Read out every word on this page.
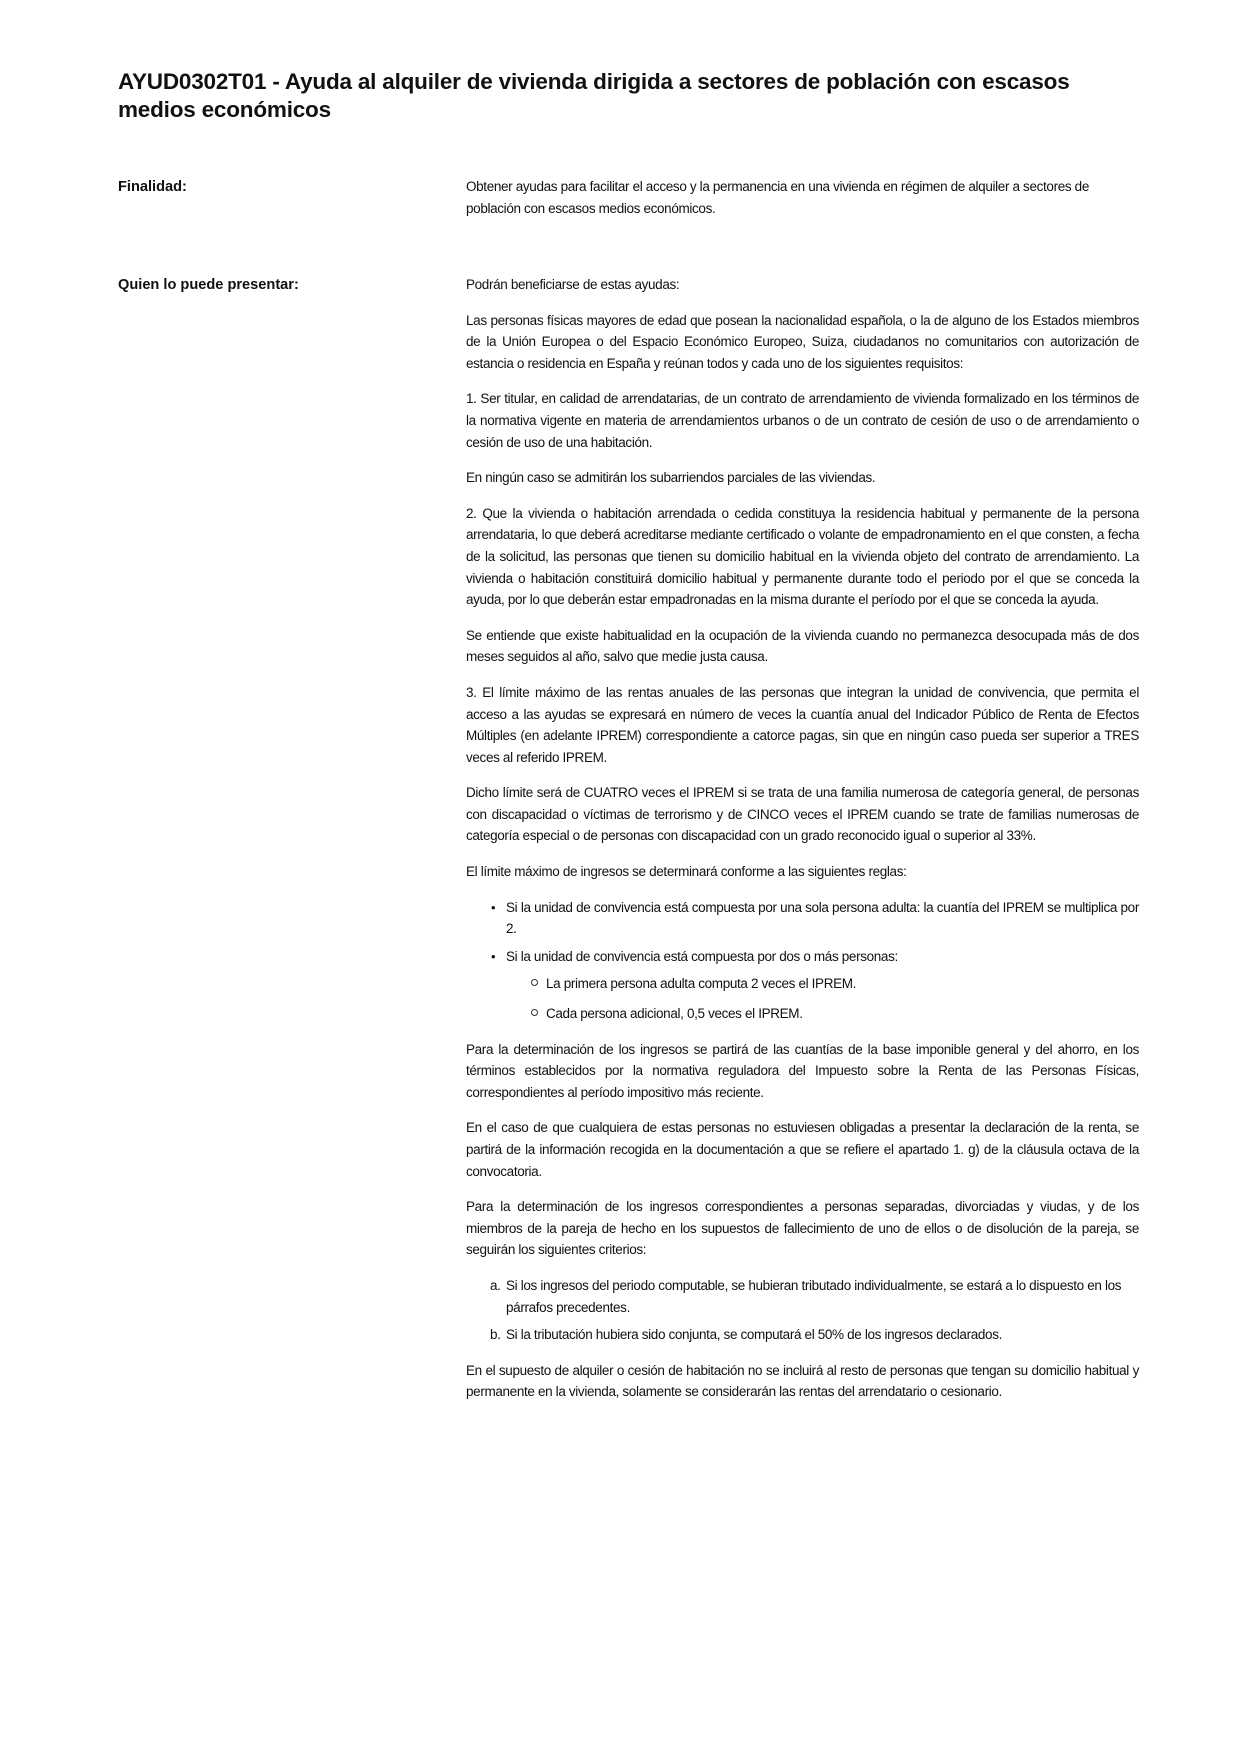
AYUD0302T01 - Ayuda al alquiler de vivienda dirigida a sectores de población con escasos medios económicos
Finalidad:	Obtener ayudas para facilitar el acceso y la permanencia en una vivienda en régimen de alquiler a sectores de población con escasos medios económicos.

Quien lo puede presentar:	Podrán beneficiarse de estas ayudas:

Las personas físicas mayores de edad que posean la nacionalidad española, o la de alguno de los Estados miembros de la Unión Europea o del Espacio Económico Europeo, Suiza, ciudadanos no comunitarios con autorización de estancia o residencia en España y reúnan todos y cada uno de los siguientes requisitos:

1. Ser titular, en calidad de arrendatarias, de un contrato de arrendamiento de vivienda formalizado en los términos de la normativa vigente en materia de arrendamientos urbanos o de un contrato de cesión de uso o de arrendamiento o cesión de uso de una habitación.

En ningún caso se admitirán los subarriendos parciales de las viviendas.

2. Que la vivienda o habitación arrendada o cedida constituya la residencia habitual y permanente de la persona arrendataria, lo que deberá acreditarse mediante certificado o volante de empadronamiento en el que consten, a fecha de la solicitud, las personas que tienen su domicilio habitual en la vivienda objeto del contrato de arrendamiento. La vivienda o habitación constituirá domicilio habitual y permanente durante todo el periodo por el que se conceda la ayuda, por lo que deberán estar empadronadas en la misma durante el período por el que se conceda la ayuda.

Se entiende que existe habitualidad en la ocupación de la vivienda cuando no permanezca desocupada más de dos meses seguidos al año, salvo que medie justa causa.

3. El límite máximo de las rentas anuales de las personas que integran la unidad de convivencia, que permita el acceso a las ayudas se expresará en número de veces la cuantía anual del Indicador Público de Renta de Efectos Múltiples (en adelante IPREM) correspondiente a catorce pagas, sin que en ningún caso pueda ser superior a TRES veces al referido IPREM.

Dicho límite será de CUATRO veces el IPREM si se trata de una familia numerosa de categoría general, de personas con discapacidad o víctimas de terrorismo y de CINCO veces el IPREM cuando se trate de familias numerosas de categoría especial o de personas con discapacidad con un grado reconocido igual o superior al 33%.

El límite máximo de ingresos se determinará conforme a las siguientes reglas:

• Si la unidad de convivencia está compuesta por una sola persona adulta: la cuantía del IPREM se multiplica por 2.
• Si la unidad de convivencia está compuesta por dos o más personas:
La primera persona adulta computa 2 veces el IPREM.
Cada persona adicional, 0,5 veces el IPREM.

Para la determinación de los ingresos se partirá de las cuantías de la base imponible general y del ahorro, en los términos establecidos por la normativa reguladora del Impuesto sobre la Renta de las Personas Físicas, correspondientes al período impositivo más reciente.

En el caso de que cualquiera de estas personas no estuviesen obligadas a presentar la declaración de la renta, se partirá de la información recogida en la documentación a que se refiere el apartado 1. g) de la cláusula octava de la convocatoria.

Para la determinación de los ingresos correspondientes a personas separadas, divorciadas y viudas, y de los miembros de la pareja de hecho en los supuestos de fallecimiento de uno de ellos o de disolución de la pareja, se seguirán los siguientes criterios:

a. Si los ingresos del periodo computable, se hubieran tributado individualmente, se estará a lo dispuesto en los párrafos precedentes.
b. Si la tributación hubiera sido conjunta, se computará el 50% de los ingresos declarados.

En el supuesto de alquiler o cesión de habitación no se incluirá al resto de personas que tengan su domicilio habitual y permanente en la vivienda, solamente se considerarán las rentas del arrendatario o cesionario.
